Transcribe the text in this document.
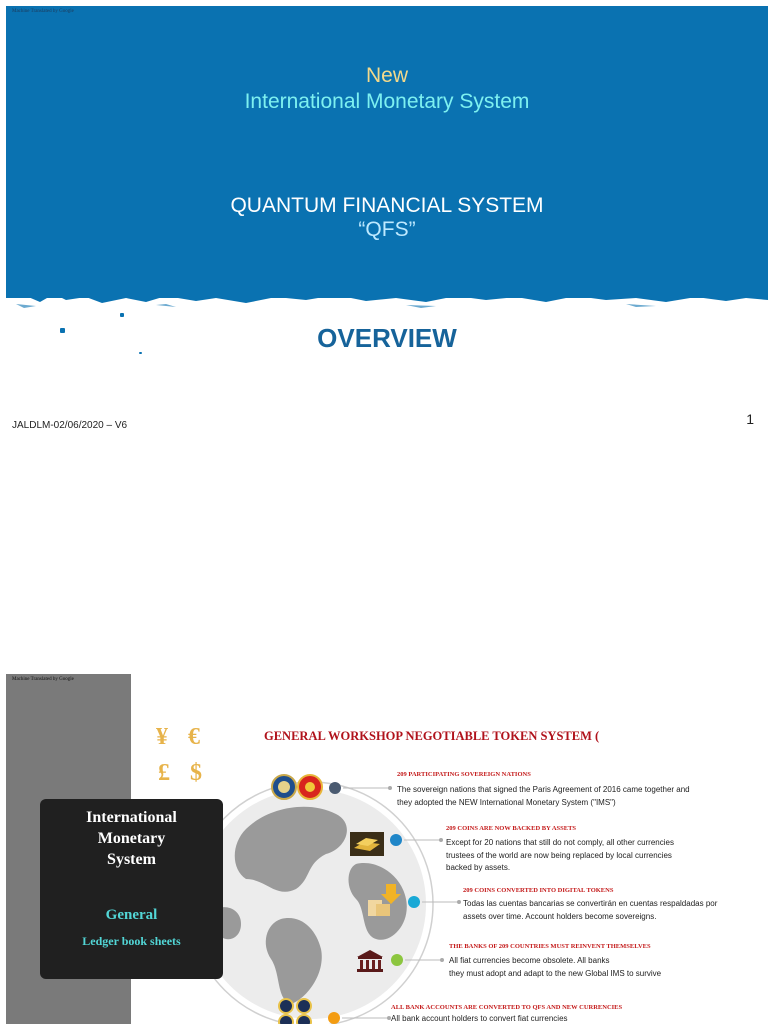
Machine Translated by Google
New
International Monetary System
QUANTUM FINANCIAL SYSTEM
“QFS”
OVERVIEW
JALDLM-02/06/2020 – V6	1
Machine Translated by Google
¥ €
£ $
International
Monetary
System
General
Ledger book sheets
GENERAL WORKSHOP NEGOTIABLE TOKEN SYSTEM (
209 PARTICIPATING SOVEREIGN NATIONS
The sovereign nations that signed the Paris Agreement of 2016 came together and
they adopted the NEW International Monetary System ("IMS")
209 COINS ARE NOW BACKED BY ASSETS
Except for 20 nations that still do not comply, all other currencies
trustees of the world are now being replaced by local currencies
backed by assets.
209 COINS CONVERTED INTO DIGITAL TOKENS
Todas las cuentas bancarias se convertirán en cuentas respaldadas por
assets over time. Account holders become sovereigns.
THE BANKS OF 209 COUNTRIES MUST REINVENT THEMSELVES
All fiat currencies become obsolete. All banks
they must adopt and adapt to the new Global IMS to survive
ALL BANK ACCOUNTS ARE CONVERTED TO QFS AND NEW CURRENCIES
All bank account holders to convert fiat currencies
